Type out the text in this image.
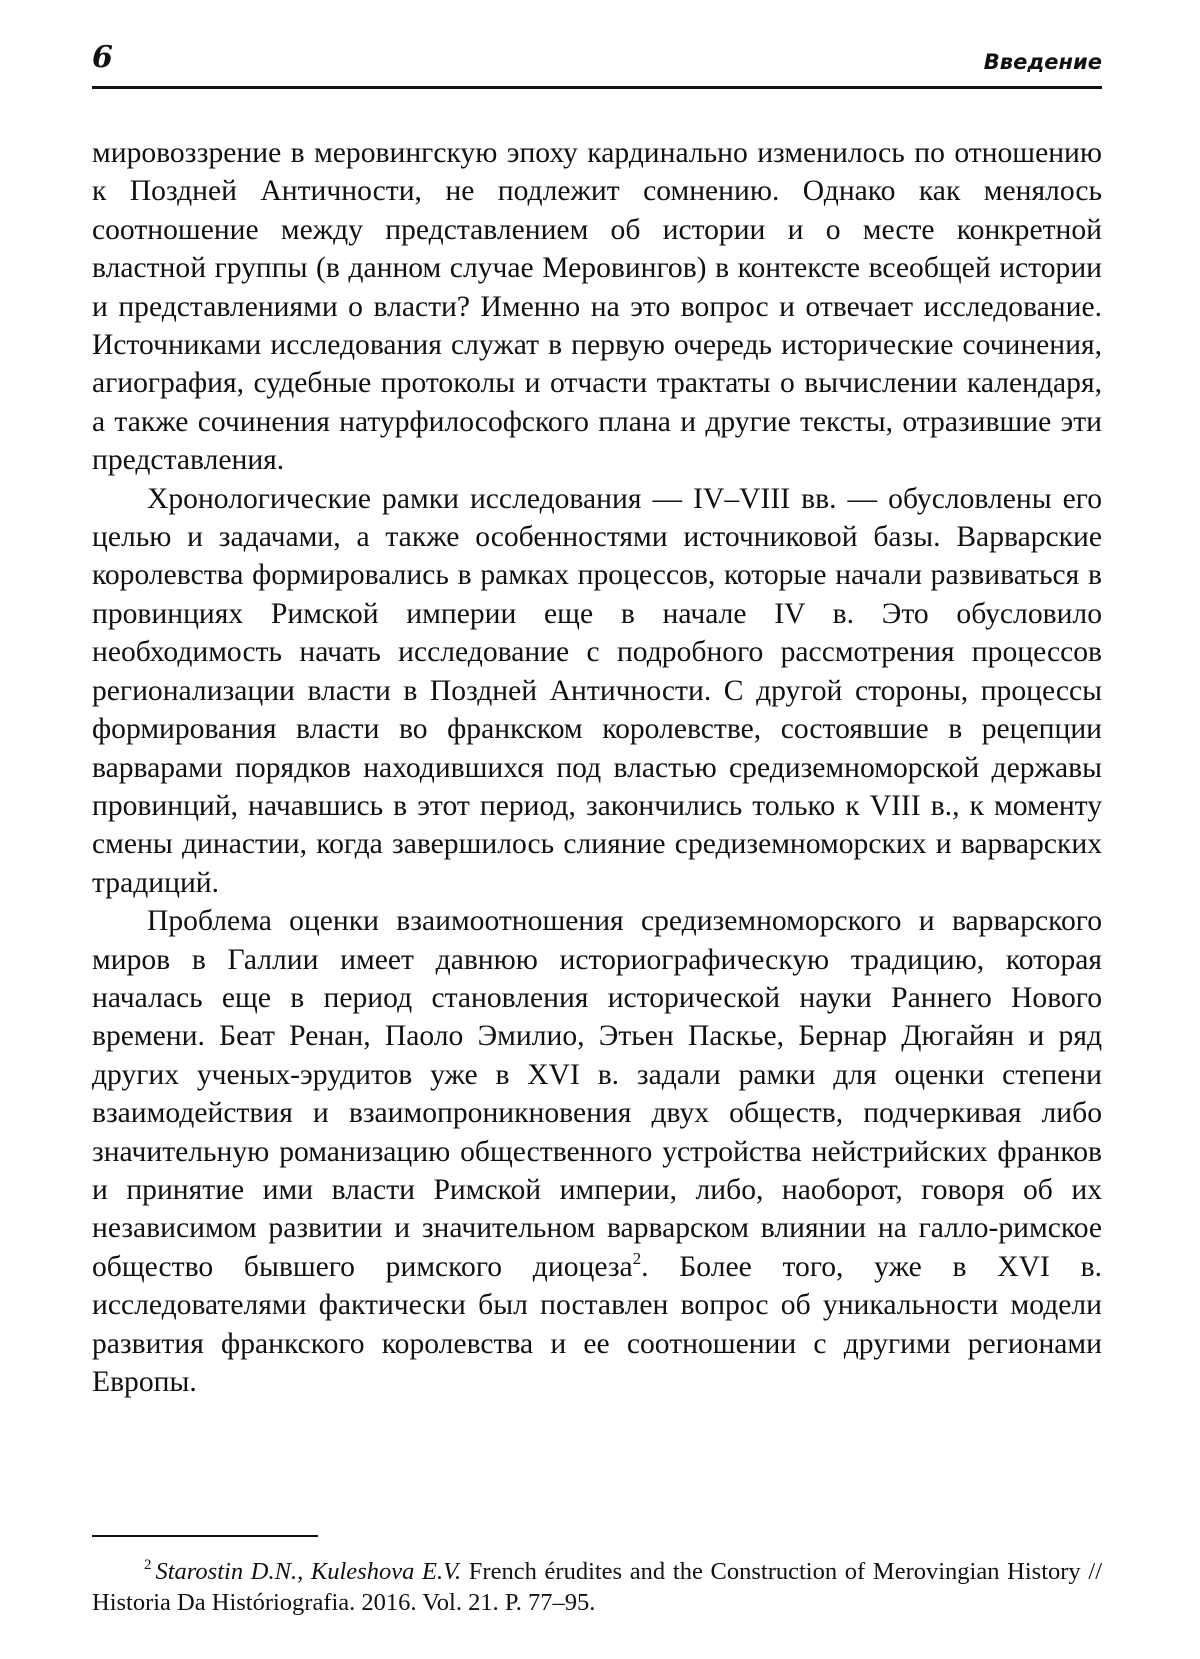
6	Введение

мировоззрение в меровингскую эпоху кардинально изменилось по отношению к Поздней Античности, не подлежит сомнению. Однако как менялось соотношение между представлением об истории и о месте конкретной властной группы (в данном случае Меровингов) в контексте всеобщей истории и представлениями о власти? Именно на это вопрос и отвечает исследование. Источниками исследования служат в первую очередь исторические сочинения, агиография, судебные протоколы и отчасти трактаты о вычислении календаря, а также сочинения натурфилософского плана и другие тексты, отразившие эти представления.

Хронологические рамки исследования — IV–VIII вв. — обусловлены его целью и задачами, а также особенностями источниковой базы. Варварские королевства формировались в рамках процессов, которые начали развиваться в провинциях Римской империи еще в начале IV в. Это обусловило необходимость начать исследование с подробного рассмотрения процессов регионализации власти в Поздней Античности. С другой стороны, процессы формирования власти во франкском королевстве, состоявшие в рецепции варварами порядков находившихся под властью средиземноморской державы провинций, начавшись в этот период, закончились только к VIII в., к моменту смены династии, когда завершилось слияние средиземноморских и варварских традиций.

Проблема оценки взаимоотношения средиземноморского и варварского миров в Галлии имеет давнюю историографическую традицию, которая началась еще в период становления исторической науки Раннего Нового времени. Беат Ренан, Паоло Эмилио, Этьен Паскье, Бернар Дюгайян и ряд других ученых-эрудитов уже в XVI в. задали рамки для оценки степени взаимодействия и взаимопроникновения двух обществ, подчеркивая либо значительную романизацию общественного устройства нейстрийских франков и принятие ими власти Римской империи, либо, наоборот, говоря об их независимом развитии и значительном варварском влиянии на галло-римское общество бывшего римского диоцеза$^2$. Более того, уже в XVI в. исследователями фактически был поставлен вопрос об уникальности модели развития франкского королевства и ее соотношении с другими регионами Европы.

$^2$ Starostin D.N., Kuleshova E.V. French érudites and the Construction of Merovingian History // Historia Da Históriografia. 2016. Vol. 21. P. 77–95.
